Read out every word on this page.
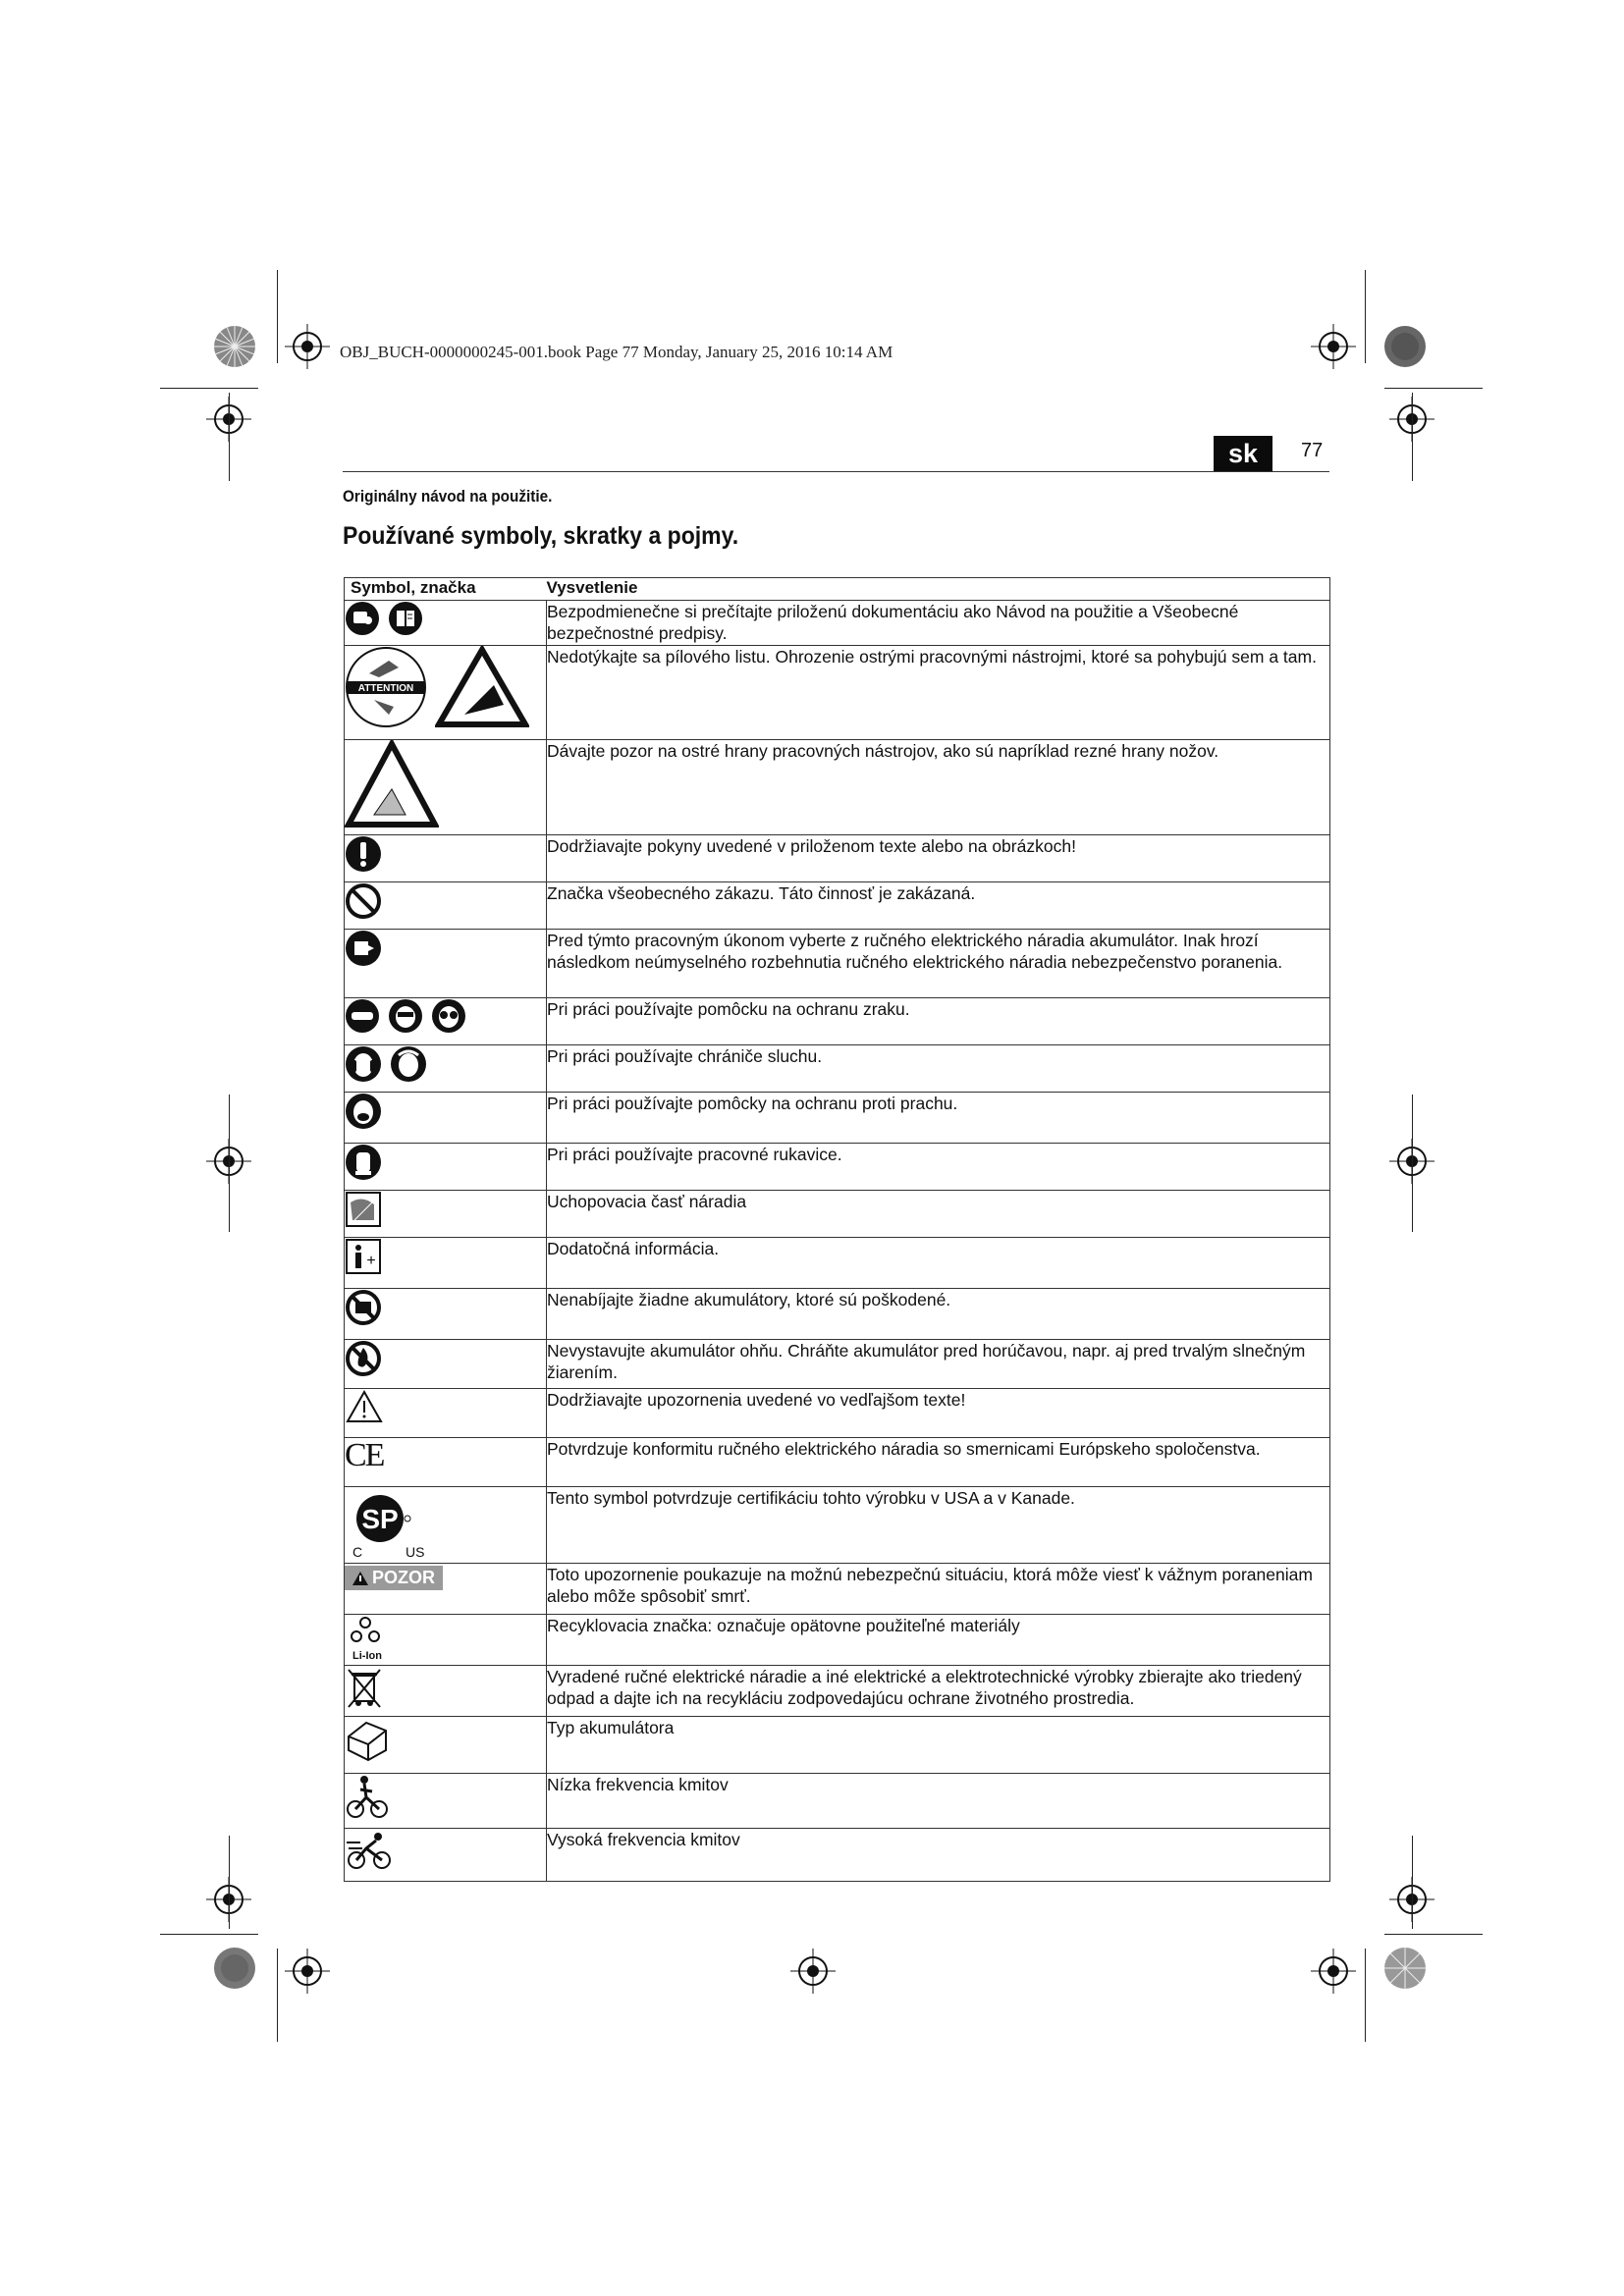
OBJ_BUCH-0000000245-001.book Page 77 Monday, January 25, 2016 10:14 AM
sk	77
Originálny návod na použitie.
Používané symboly, skratky a pojmy.
Symbol, značka	Vysvetlenie

	Bezpodmienečne si prečítajte priloženú dokumentáciu ako Návod na použitie a Všeobecné bezpečnostné predpisy.

ATTENTION	Nedotýkajte sa pílového listu. Ohrozenie ostrými pracovnými nástrojmi, ktoré sa pohybujú sem a tam.

	Dávajte pozor na ostré hrany pracovných nástrojov, ako sú napríklad rezné hrany nožov.
	Dodržiavajte pokyny uvedené v priloženom texte alebo na obrázkoch!
	Značka všeobecného zákazu. Táto činnosť je zakázaná.
	Pred týmto pracovným úkonom vyberte z ručného elektrického náradia akumulátor. Inak hrozí následkom neúmyselného rozbehnutia ručného elektrického náradia nebezpečenstvo poranenia.

	Pri práci používajte pomôcku na ochranu zraku.

	Pri práci používajte chrániče sluchu.
	Pri práci používajte pomôcky na ochranu proti prachu.
	Pri práci používajte pracovné rukavice.
	Uchopovacia časť náradia

+	Dodatočná informácia.
	Nenabíjajte žiadne akumulátory, ktoré sú poškodené.
	Nevystavujte akumulátor ohňu. Chráňte akumulátor pred horúčavou, napr. aj pred trvalým slnečným žiarením.
	Dodržiavajte upozornenia uvedené vo vedľajšom texte!
CE	Potvrdzuje konformitu ručného elektrického náradia so smernicami Európskeho spoločenstva.

SP
C US	Tento symbol potvrdzuje certifikáciu tohto výrobku v USA a v Kanade.

POZOR	Toto upozornenie poukazuje na možnú nebezpečnú situáciu, ktorá môže viesť k vážnym poraneniam alebo môže spôsobiť smrť.

Li-Ion	Recyklovacia značka: označuje opätovne použiteľné materiály
	Vyradené ručné elektrické náradie a iné elektrické a elektrotechnické výrobky zbierajte ako triedený odpad a dajte ich na recykláciu zodpovedajúcu ochrane životného prostredia.
	Typ akumulátora
	Nízka frekvencia kmitov
	Vysoká frekvencia kmitov
